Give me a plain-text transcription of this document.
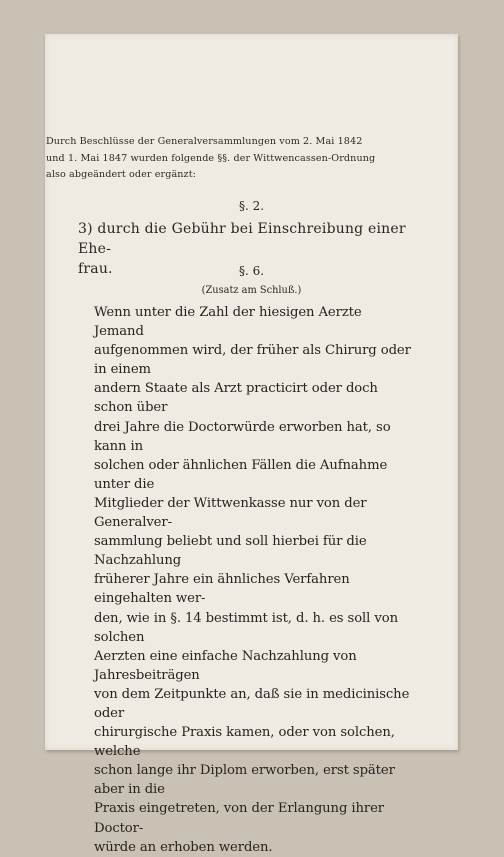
Durch Beschlüsse der Generalversammlungen vom 2. Mai 1842
und 1. Mai 1847 wurden folgende §§. der Wittwencassen-Ordnung
also abgeändert oder ergänzt:
§. 2.
3) durch die Gebühr bei Einschreibung einer Ehe-
frau.	§. 6.
(Zusatz am Schluß.)
Wenn unter die Zahl der hiesigen Aerzte Jemand
aufgenommen wird, der früher als Chirurg oder in einem
andern Staate als Arzt practicirt oder doch schon über
drei Jahre die Doctorwürde erworben hat, so kann in
solchen oder ähnlichen Fällen die Aufnahme unter die
Mitglieder der Wittwenkasse nur von der Generalver-
sammlung beliebt und soll hierbei für die Nachzahlung
früherer Jahre ein ähnliches Verfahren eingehalten wer-
den, wie in §. 14 bestimmt ist, d. h. es soll von solchen
Aerzten eine einfache Nachzahlung von Jahresbeiträgen
von dem Zeitpunkte an, daß sie in medicinische oder
chirurgische Praxis kamen, oder von solchen, welche
schon lange ihr Diplom erworben, erst später aber in die
Praxis eingetreten, von der Erlangung ihrer Doctor-
würde an erhoben werden.
